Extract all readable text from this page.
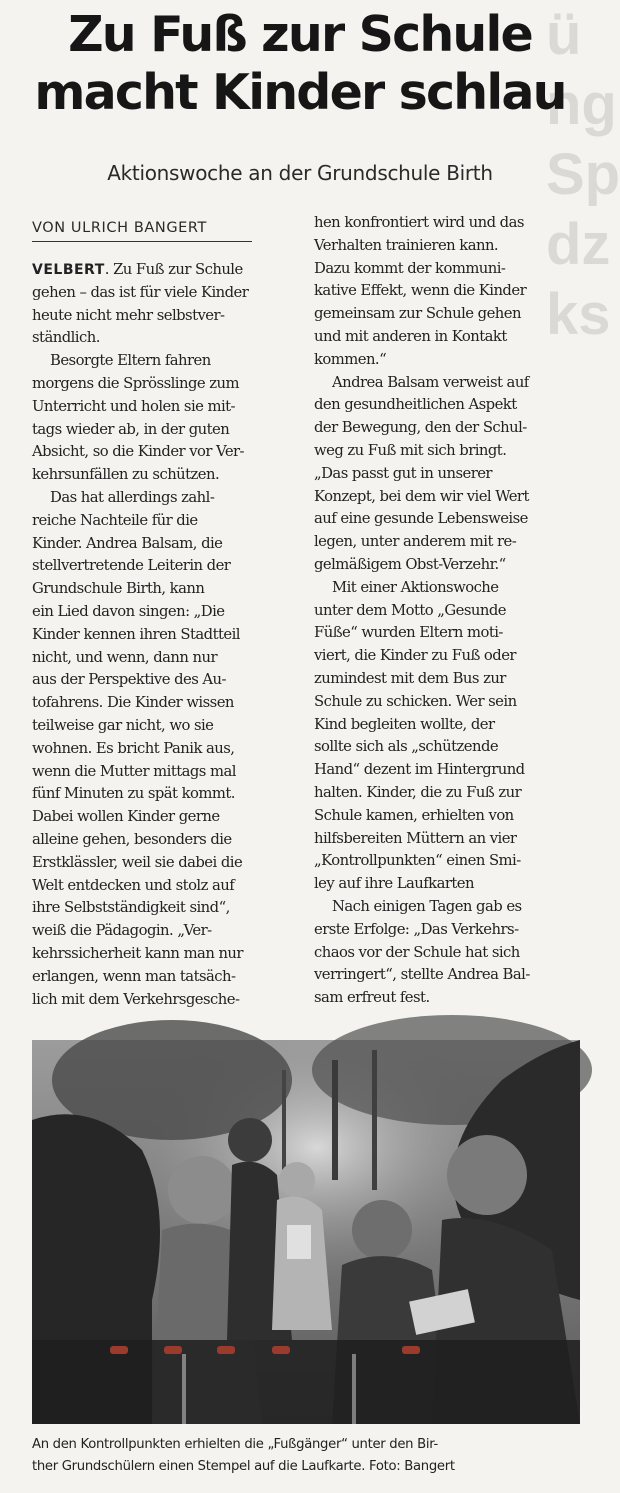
ü
ng
Sp
dz
ks
Zu Fuß zur Schule
macht Kinder schlau
Aktionswoche an der Grundschule Birth
VON ULRICH BANGERT

VELBERT. Zu Fuß zur Schule
gehen – das ist für viele Kinder
heute nicht mehr selbstver-
ständlich.

Besorgte Eltern fahren
morgens die Sprösslinge zum
Unterricht und holen sie mit-
tags wieder ab, in der guten
Absicht, so die Kinder vor Ver-
kehrsunfällen zu schützen.

Das hat allerdings zahl-
reiche Nachteile für die
Kinder. Andrea Balsam, die
stellvertretende Leiterin der
Grundschule Birth, kann
ein Lied davon singen: „Die
Kinder kennen ihren Stadtteil
nicht, und wenn, dann nur
aus der Perspektive des Au-
tofahrens. Die Kinder wissen
teilweise gar nicht, wo sie
wohnen. Es bricht Panik aus,
wenn die Mutter mittags mal
fünf Minuten zu spät kommt.
Dabei wollen Kinder gerne
alleine gehen, besonders die
Erstklässler, weil sie dabei die
Welt entdecken und stolz auf
ihre Selbstständigkeit sind“,
weiß die Pädagogin. „Ver-
kehrssicherheit kann man nur
erlangen, wenn man tatsäch-
lich mit dem Verkehrsgesche-

hen konfrontiert wird und das
Verhalten trainieren kann.
Dazu kommt der kommuni-
kative Effekt, wenn die Kinder
gemeinsam zur Schule gehen
und mit anderen in Kontakt
kommen.“

Andrea Balsam verweist auf
den gesundheitlichen Aspekt
der Bewegung, den der Schul-
weg zu Fuß mit sich bringt.
„Das passt gut in unserer
Konzept, bei dem wir viel Wert
auf eine gesunde Lebensweise
legen, unter anderem mit re-
gelmäßigem Obst-Verzehr.“

Mit einer Aktionswoche
unter dem Motto „Gesunde
Füße“ wurden Eltern moti-
viert, die Kinder zu Fuß oder
zumindest mit dem Bus zur
Schule zu schicken. Wer sein
Kind begleiten wollte, der
sollte sich als „schützende
Hand“ dezent im Hintergrund
halten. Kinder, die zu Fuß zur
Schule kamen, erhielten von
hilfsbereiten Müttern an vier
„Kontrollpunkten“ einen Smi-
ley auf ihre Laufkarten

Nach einigen Tagen gab es
erste Erfolge: „Das Verkehrs-
chaos vor der Schule hat sich
verringert“, stellte Andrea Bal-
sam erfreut fest.

An den Kontrollpunkten erhielten die „Fußgänger“ unter den Bir-
ther Grundschülern einen Stempel auf die Laufkarte. Foto: Bangert
